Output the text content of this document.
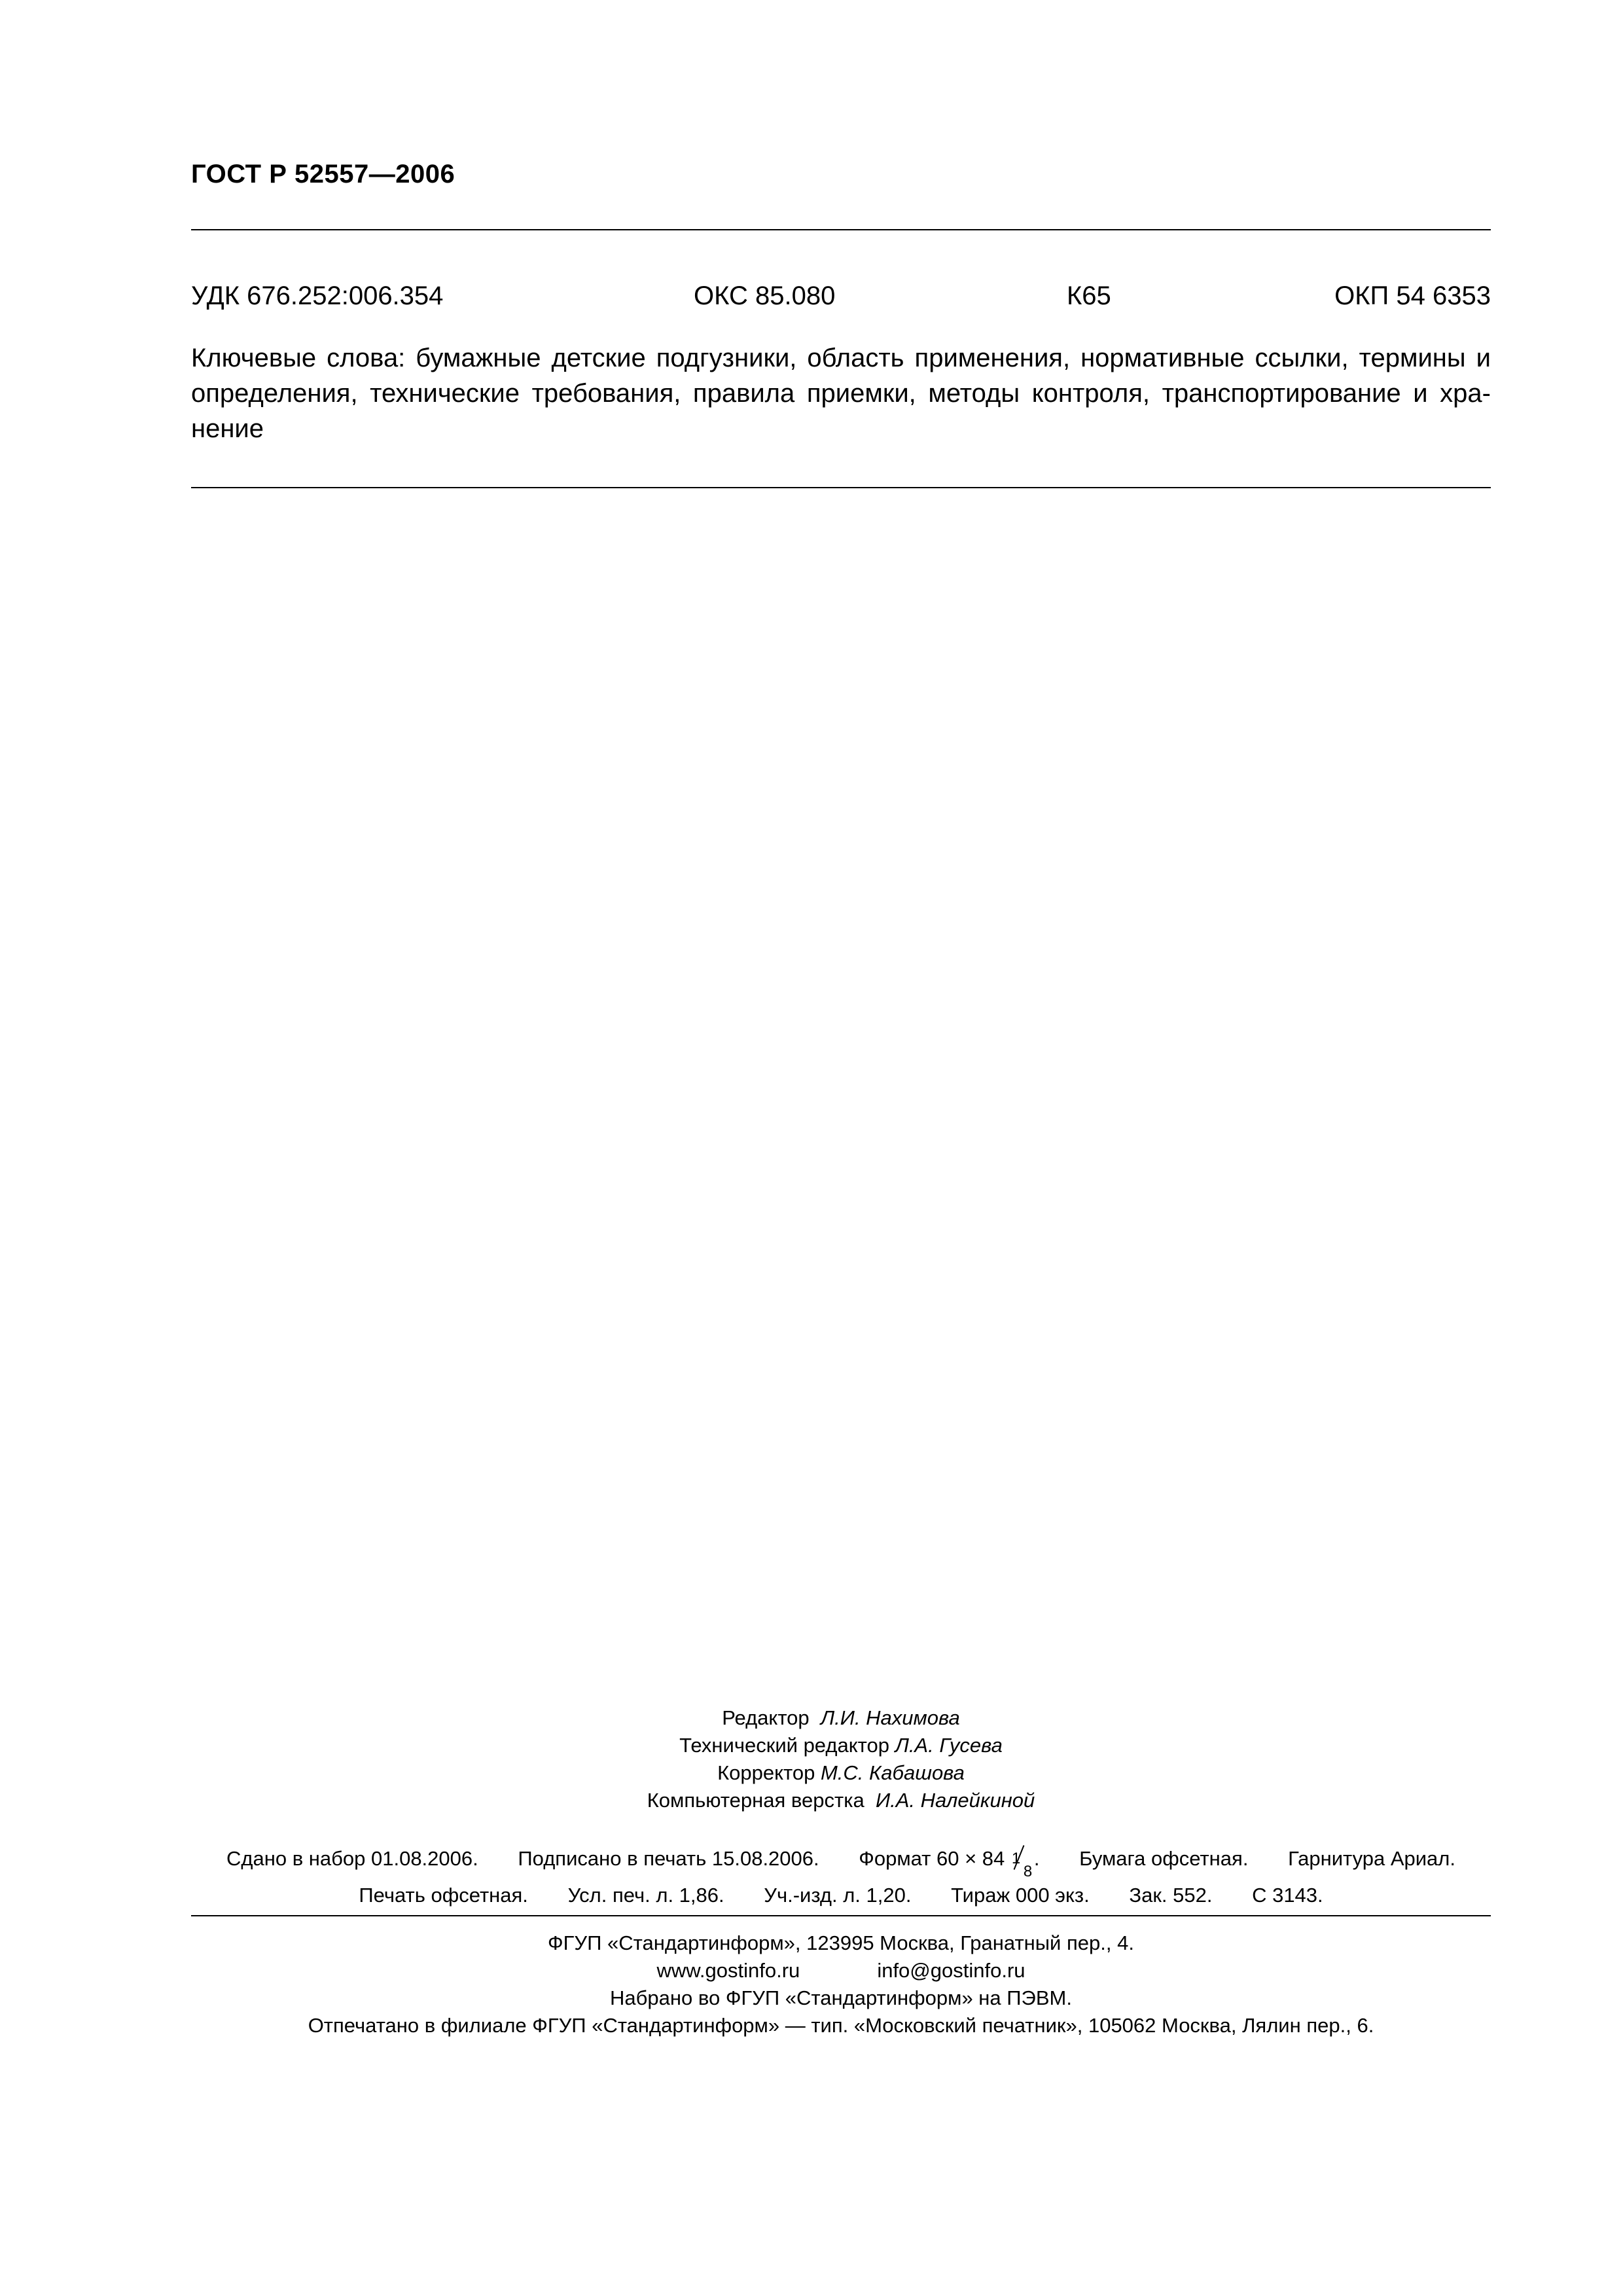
ГОСТ Р 52557—2006
УДК 676.252:006.354	ОКС 85.080	К65	ОКП 54 6353
Ключевые слова: бумажные детские подгузники, область применения, нормативные ссылки, термины и
определения, технические требования, правила приемки, методы контроля, транспортирование и хра-
нение
Редактор Л.И. Нахимова
Технический редактор Л.А. Гусева
Корректор М.С. Кабашова
Компьютерная верстка И.А. Налейкиной
Сдано в набор 01.08.2006. Подписано в печать 15.08.2006. Формат 60 × 84 1
8
. Бумага офсетная. Гарнитура Ариал.
Печать офсетная. Усл. печ. л. 1,86. Уч.-изд. л. 1,20. Тираж 000 экз. Зак. 552. С 3143.
ФГУП «Стандартинформ», 123995 Москва, Гранатный пер., 4.
www.gostinfo.ru	info@gostinfo.ru
Набрано во ФГУП «Стандартинформ» на ПЭВМ.
Отпечатано в филиале ФГУП «Стандартинформ» — тип. «Московский печатник», 105062 Москва, Лялин пер., 6.
